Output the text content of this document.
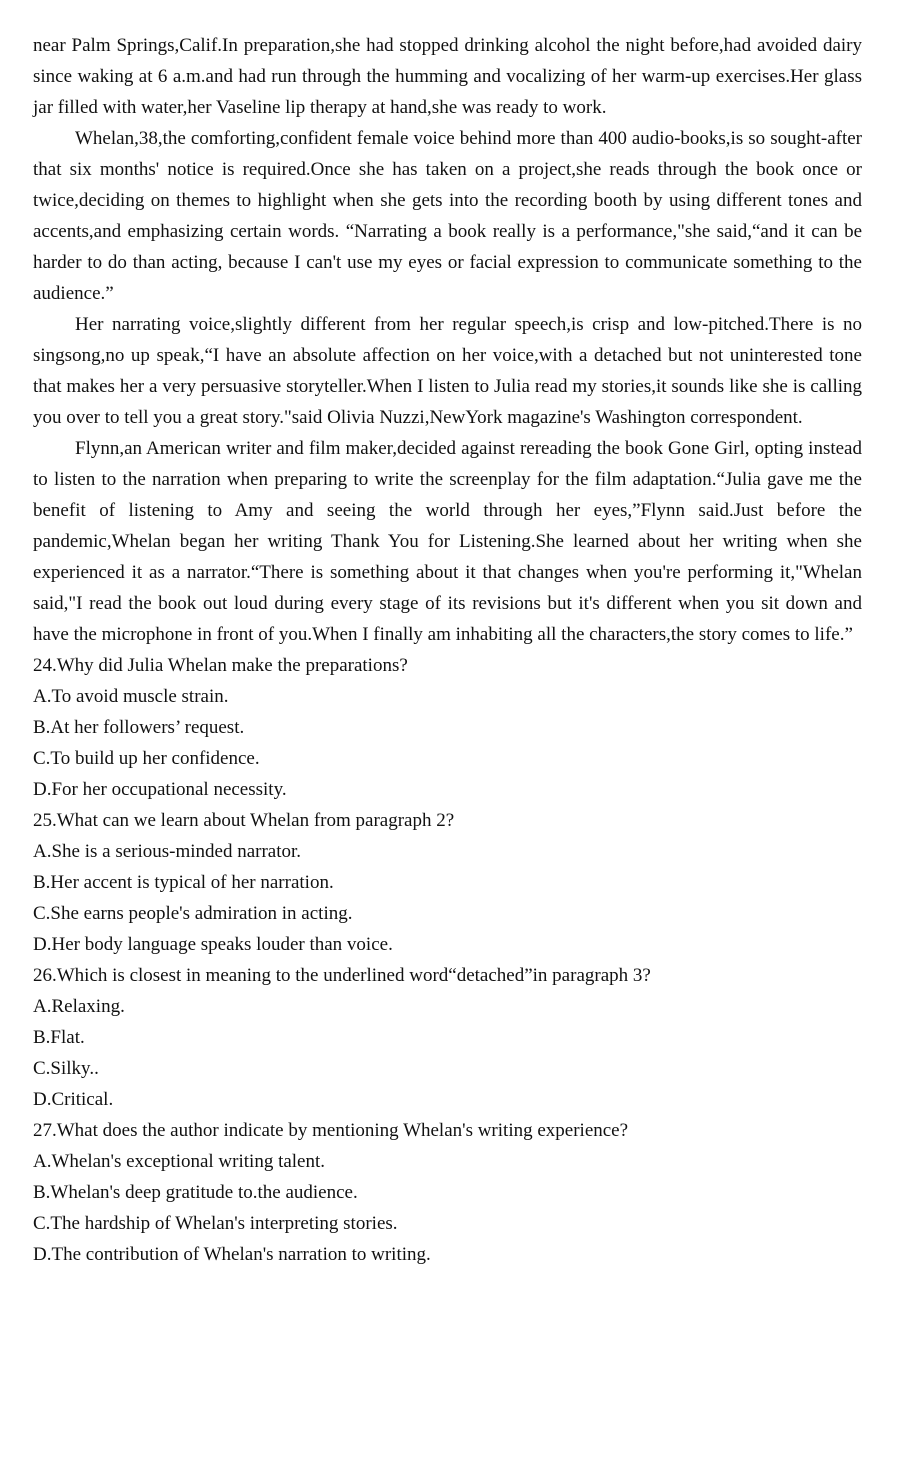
near Palm Springs,Calif.In preparation,she had stopped drinking alcohol the night before,had avoided dairy since waking at 6 a.m.and had run through the humming and vocalizing of her warm-up exercises.Her glass jar filled with water,her Vaseline lip therapy at hand,she was ready to work.

Whelan,38,the comforting,confident female voice behind more than 400 audio-books,is so sought-after that six months' notice is required.Once she has taken on a project,she reads through the book once or twice,deciding on themes to highlight when she gets into the recording booth by using different tones and accents,and emphasizing certain words. “Narrating a book really is a performance,"she said,“and it can be harder to do than acting, because I can't use my eyes or facial expression to communicate something to the audience.”

Her narrating voice,slightly different from her regular speech,is crisp and low-pitched.There is no singsong,no up speak,“I have an absolute affection on her voice,with a detached but not uninterested tone that makes her a very persuasive storyteller.When I listen to Julia read my stories,it sounds like she is calling you over to tell you a great story."said Olivia Nuzzi,NewYork magazine's Washington correspondent.

Flynn,an American writer and film maker,decided against rereading the book Gone Girl, opting instead to listen to the narration when preparing to write the screenplay for the film adaptation.“Julia gave me the benefit of listening to Amy and seeing the world through her eyes,”Flynn said.Just before the pandemic,Whelan began her writing Thank You for Listening.She learned about her writing when she experienced it as a narrator.“There is something about it that changes when you're performing it,"Whelan said,"I read the book out loud during every stage of its revisions but it's different when you sit down and have the microphone in front of you.When I finally am inhabiting all the characters,the story comes to life.”

24.Why did Julia Whelan make the preparations?
A.To avoid muscle strain.
B.At her followers’ request.
C.To build up her confidence.
D.For her occupational necessity.
25.What can we learn about Whelan from paragraph 2?
A.She is a serious-minded narrator.
B.Her accent is typical of her narration.
C.She earns people's admiration in acting.
D.Her body language speaks louder than voice.
26.Which is closest in meaning to the underlined word“detached”in paragraph 3?
A.Relaxing.
B.Flat.
C.Silky..
D.Critical.
27.What does the author indicate by mentioning Whelan's writing experience?
A.Whelan's exceptional writing talent.
B.Whelan's deep gratitude to.the audience.
C.The hardship of Whelan's interpreting stories.
D.The contribution of Whelan's narration to writing.
